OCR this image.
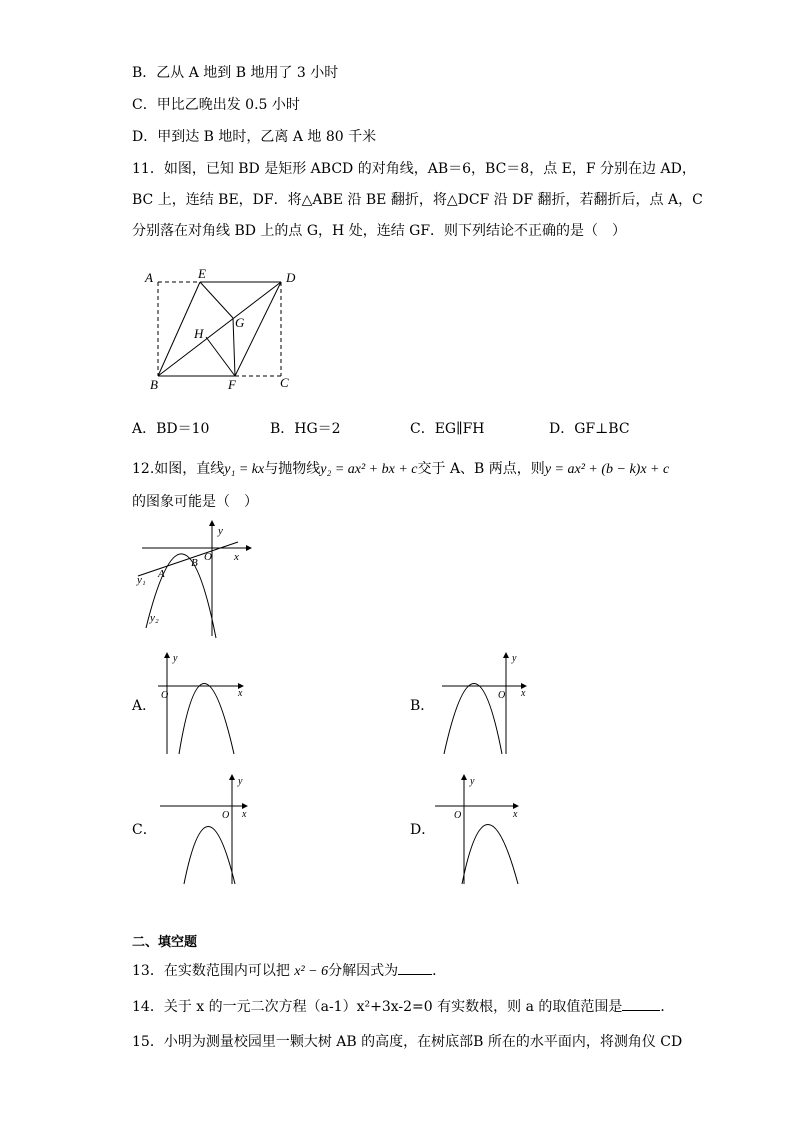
B．乙从 A 地到 B 地用了 3 小时
C．甲比乙晚出发 0.5 小时
D．甲到达 B 地时，乙离 A 地 80 千米
11．如图，已知 BD 是矩形 ABCD 的对角线，AB＝6，BC＝8，点 E，F 分别在边 AD，
BC 上，连结 BE，DF．将△ABE 沿 BE 翻折，将△DCF 沿 DF 翻折，若翻折后，点 A，C
分别落在对角线 BD 上的点 G，H 处，连结 GF．则下列结论不正确的是（　）
A	E	D
G
H
B	F	C
A．BD＝10	B．HG＝2	C．EG∥FH	D．GF⊥BC
12.如图，直线y₁ = kx与抛物线y₂ = ax² + bx + c交于 A、B 两点，则y = ax² + (b − k)x + c
的图象可能是（　）
y
x
O
A
B
y₁
y₂
A．
y
x
O
B．
y
x
O
C．
y
x
O
D．
y
x
O
二、填空题
13．在实数范围内可以把 x² − 6分解因式为 ．
14．关于 x 的一元二次方程（a-1）x²+3x-2=0 有实数根，则 a 的取值范围是	．
15．小明为测量校园里一颗大树 AB 的高度，在树底部B 所在的水平面内，将测角仪 CD
